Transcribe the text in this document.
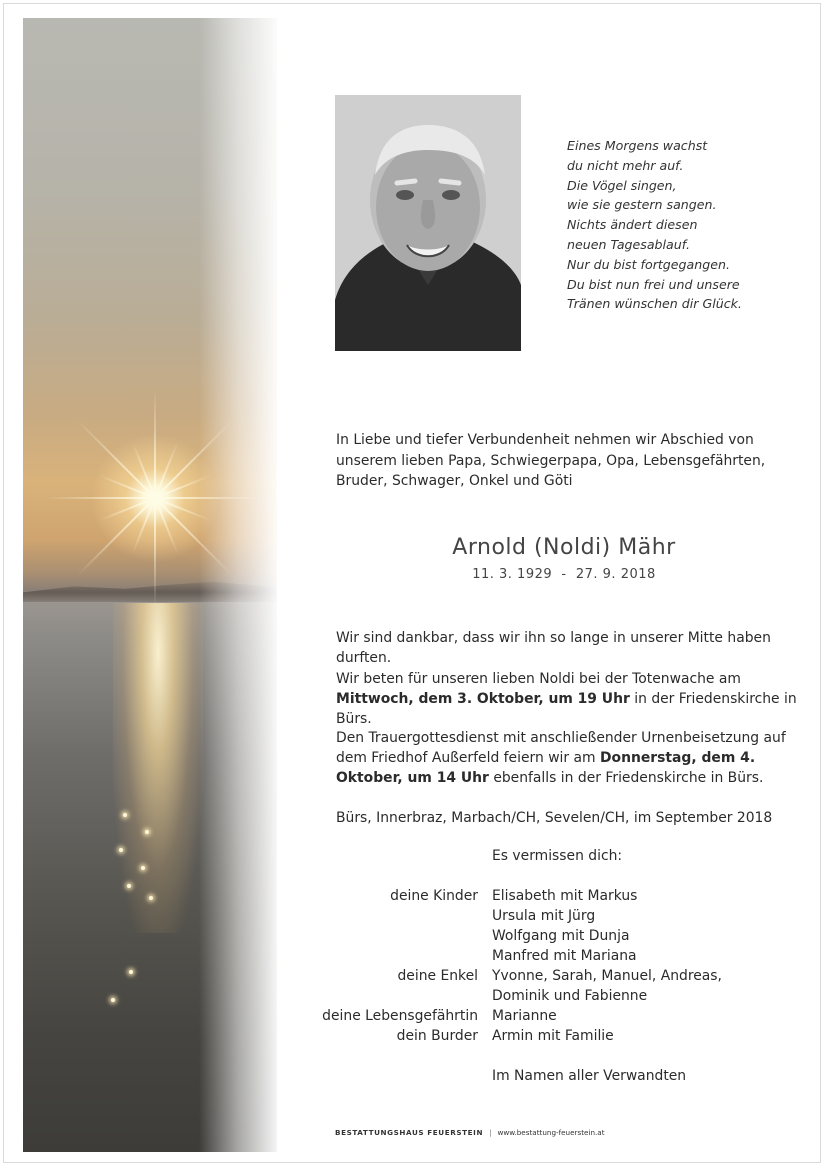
Eines Morgens wachst
du nicht mehr auf.
Die Vögel singen,
wie sie gestern sangen.
Nichts ändert diesen
neuen Tagesablauf.
Nur du bist fortgegangen.
Du bist nun frei und unsere
Tränen wünschen dir Glück.
In Liebe und tiefer Verbundenheit nehmen wir Abschied von unserem lieben Papa, Schwiegerpapa, Opa, Lebensgefährten, Bruder, Schwager, Onkel und Göti
Arnold (Noldi) Mähr
11. 3. 1929  -  27. 9. 2018
Wir sind dankbar, dass wir ihn so lange in unserer Mitte haben durften.
Wir beten für unseren lieben Noldi bei der Totenwache am
Mittwoch, dem 3. Oktober, um 19 Uhr in der Friedenskirche in Bürs.
Den Trauergottesdienst mit anschließender Urnenbeisetzung auf dem Friedhof Außerfeld feiern wir am Donnerstag, dem 4. Oktober, um 14 Uhr ebenfalls in der Friedenskirche in Bürs.
Bürs, Innerbraz, Marbach/CH, Sevelen/CH, im September 2018
Es vermissen dich:
deine Kinder Elisabeth mit Markus
Ursula mit Jürg
Wolfgang mit Dunja
Manfred mit Mariana
deine Enkel Yvonne, Sarah, Manuel, Andreas,
Dominik und Fabienne
deine Lebensgefährtin Marianne
dein Burder Armin mit Familie
Im Namen aller Verwandten
BESTATTUNGSHAUS FEUERSTEIN | www.bestattung-feuerstein.at
